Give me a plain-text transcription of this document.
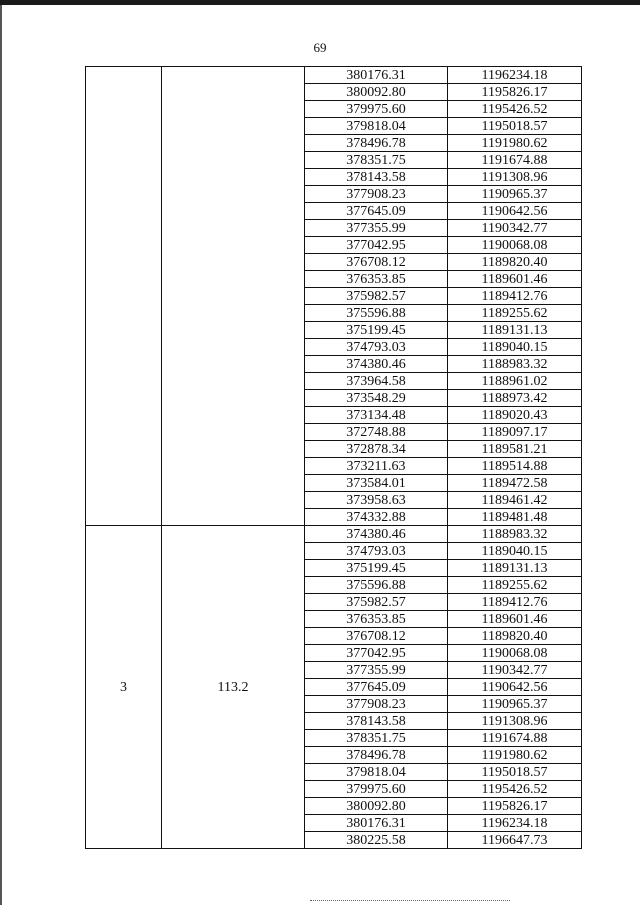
69
		380176.31	1196234.18
		380092.80	1195826.17
		379975.60	1195426.52
		379818.04	1195018.57
		378496.78	1191980.62
		378351.75	1191674.88
		378143.58	1191308.96
		377908.23	1190965.37
		377645.09	1190642.56
		377355.99	1190342.77
		377042.95	1190068.08
		376708.12	1189820.40
		376353.85	1189601.46
		375982.57	1189412.76
		375596.88	1189255.62
		375199.45	1189131.13
		374793.03	1189040.15
		374380.46	1188983.32
		373964.58	1188961.02
		373548.29	1188973.42
		373134.48	1189020.43
		372748.88	1189097.17
		372878.34	1189581.21
		373211.63	1189514.88
		373584.01	1189472.58
		373958.63	1189461.42
		374332.88	1189481.48
3	113.2	374380.46	1188983.32
		374793.03	1189040.15
		375199.45	1189131.13
		375596.88	1189255.62
		375982.57	1189412.76
		376353.85	1189601.46
		376708.12	1189820.40
		377042.95	1190068.08
		377355.99	1190342.77
		377645.09	1190642.56
		377908.23	1190965.37
		378143.58	1191308.96
		378351.75	1191674.88
		378496.78	1191980.62
		379818.04	1195018.57
		379975.60	1195426.52
		380092.80	1195826.17
		380176.31	1196234.18
		380225.58	1196647.73
